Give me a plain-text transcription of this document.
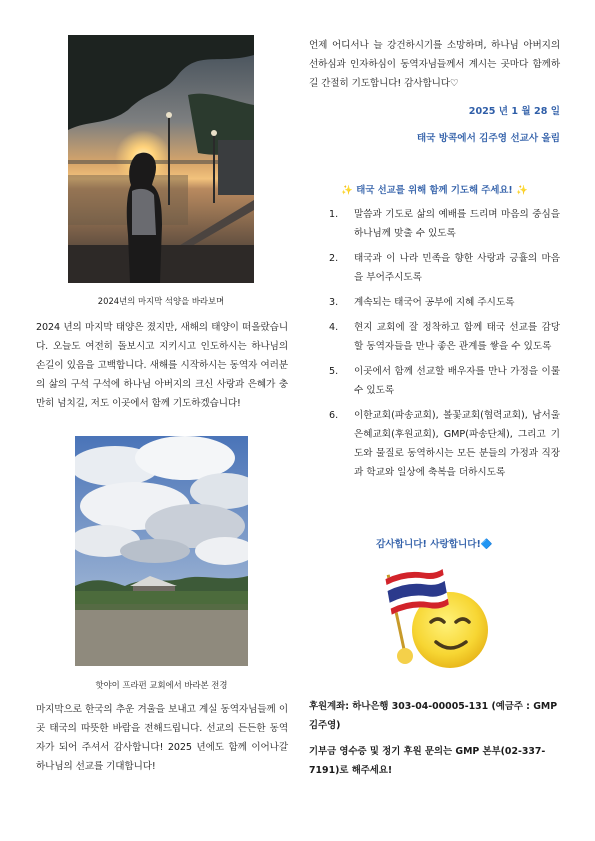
2024년의 마지막 석양을 바라보며
2024 년의 마지막 태양은 졌지만, 새해의 태양이 떠올랐습니다. 오늘도 여전히 돌보시고 지키시고 인도하시는 하나님의 손길이 있음을 고백합니다. 새해를 시작하시는 동역자 여러분의 삶의 구석 구석에 하나님 아버지의 크신 사랑과 은혜가 충만히 넘치길, 저도 이곳에서 함께 기도하겠습니다!
핫야이 프라펀 교회에서 바라본 전경
마지막으로 한국의 추운 겨울을 보내고 계실 동역자님들께 이곳 태국의 따뜻한 바람을 전해드립니다. 선교의 든든한 동역자가 되어 주셔서 감사합니다! 2025 년에도 함께 이어나갈 하나님의 선교를 기대합니다!
언제 어디서나 늘 강건하시기를 소망하며, 하나님 아버지의 선하심과 인자하심이 동역자님들께서 계시는 곳마다 함께하길 간절히 기도합니다! 감사합니다♡
2025 년 1 월 28 일
태국 방콕에서 김주영 선교사 올림
✨ 태국 선교를 위해 함께 기도해 주세요! ✨
1. 말씀과 기도로 삶의 예배를 드리며 마음의 중심을 하나님께 맞출 수 있도록
2. 태국과 이 나라 민족을 향한 사랑과 긍휼의 마음을 부어주시도록
3. 계속되는 태국어 공부에 지혜 주시도록
4. 현지 교회에 잘 정착하고 함께 태국 선교를 감당할 동역자들을 만나 좋은 관계를 쌓을 수 있도록
5. 이곳에서 함께 선교할 배우자를 만나 가정을 이룰 수 있도록
6. 이한교회(파송교회), 볼꽃교회(협력교회), 남서울은혜교회(후원교회), GMP(파송단체), 그리고 기도와 물질로 동역하시는 모든 분들의 가정과 직장과 학교와 일상에 축복을 더하시도록
감사합니다! 사랑합니다!🔷
후원계좌: 하나은행 303-04-00005-131 (예금주 : GMP 김주영)
기부금 영수증 및 정기 후원 문의는 GMP 본부(02-337-7191)로 해주세요!
